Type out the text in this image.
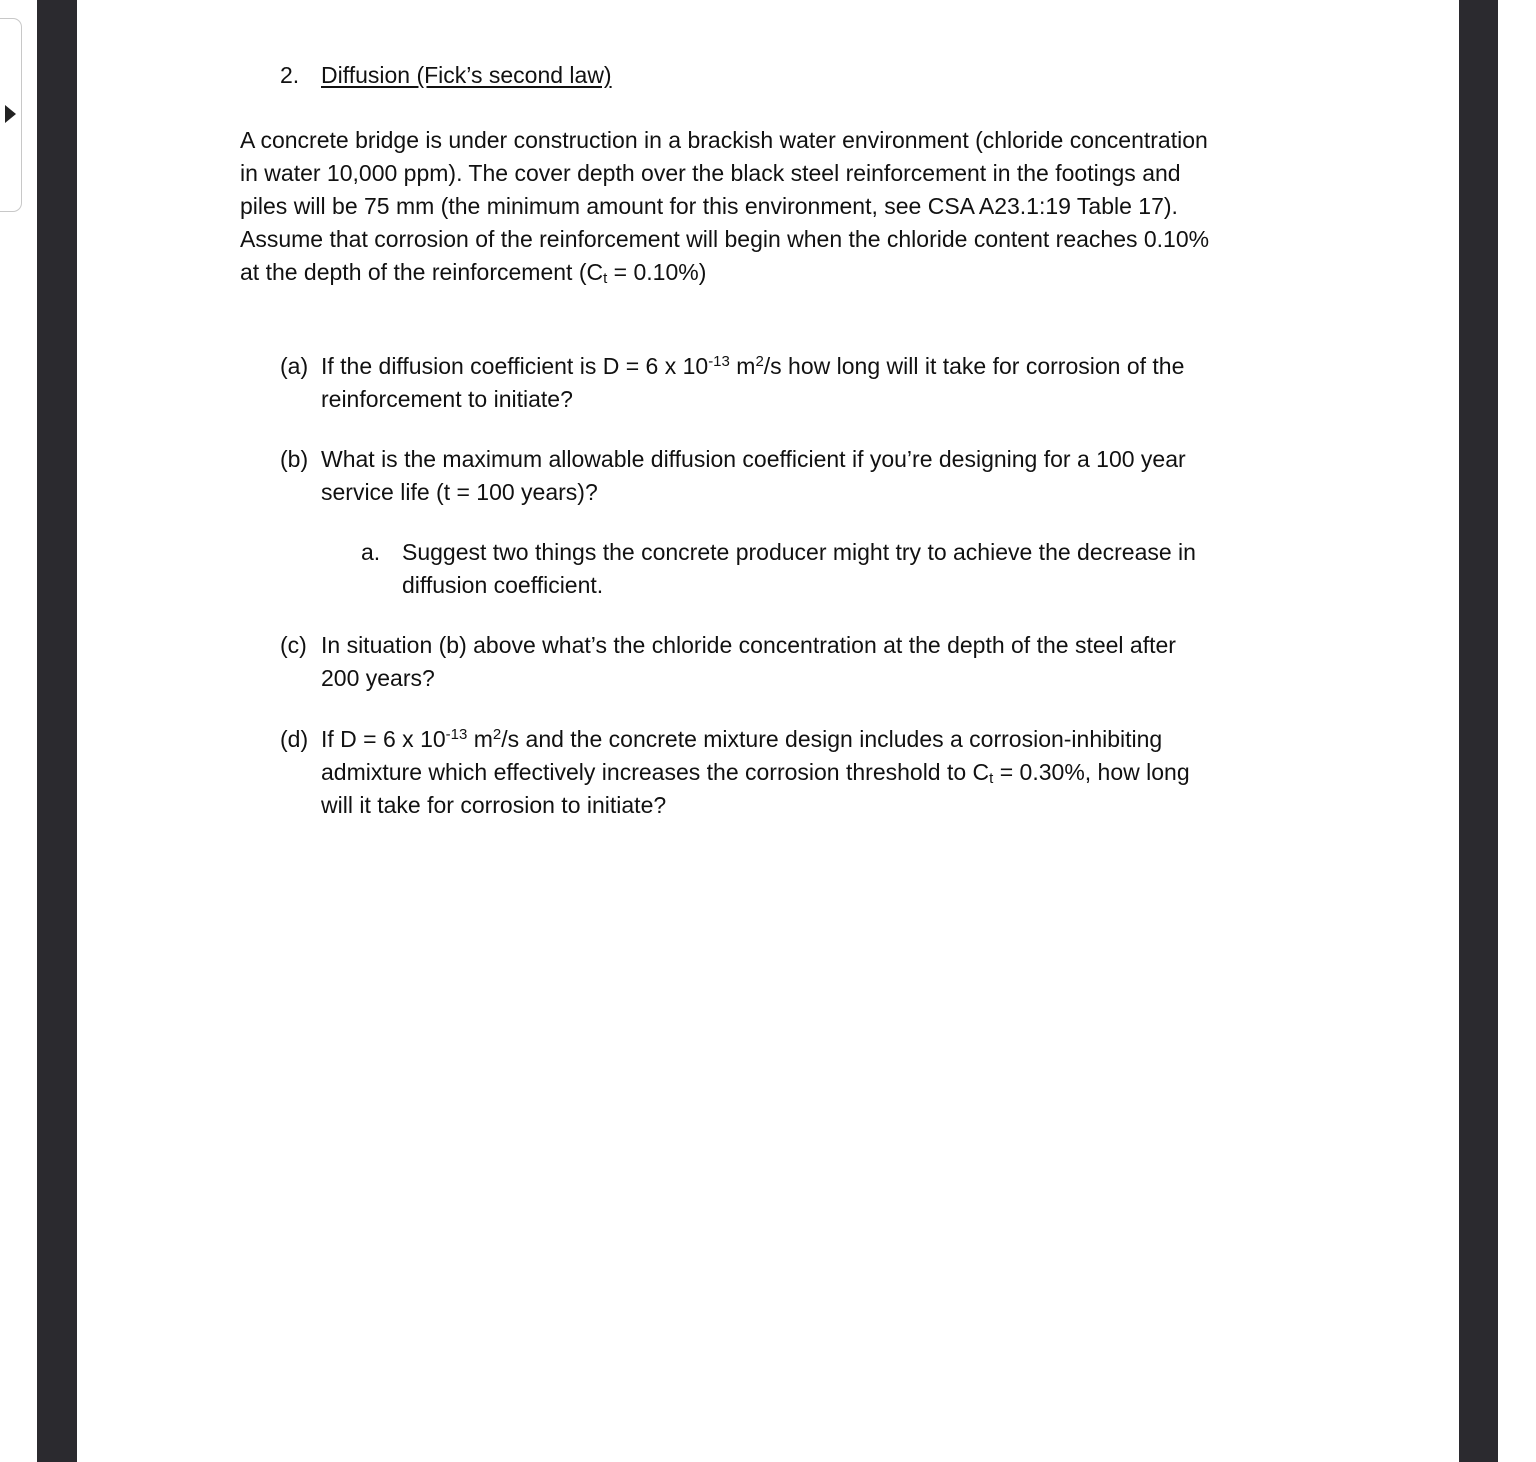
2. Diffusion (Fick’s second law)
A concrete bridge is under construction in a brackish water environment (chloride concentration
in water 10,000 ppm). The cover depth over the black steel reinforcement in the footings and
piles will be 75 mm (the minimum amount for this environment, see CSA A23.1:19 Table 17).
Assume that corrosion of the reinforcement will begin when the chloride content reaches 0.10%
at the depth of the reinforcement $(C_t = 0.10\%)$
(a) If the diffusion coefficient is D = 6 x $10^{-13}$ $m^2/s$ how long will it take for corrosion of the
reinforcement to initiate?
(b) What is the maximum allowable diffusion coefficient if you’re designing for a 100 year
service life (t = 100 years)?
a. Suggest two things the concrete producer might try to achieve the decrease in
diffusion coefficient.
(c) In situation (b) above what’s the chloride concentration at the depth of the steel after
200 years?
(d) If D = 6 x $10^{-13}$ $m^2/s$ and the concrete mixture design includes a corrosion-inhibiting
admixture which effectively increases the corrosion threshold to $C_t = 0.30\%$, how long
will it take for corrosion to initiate?
